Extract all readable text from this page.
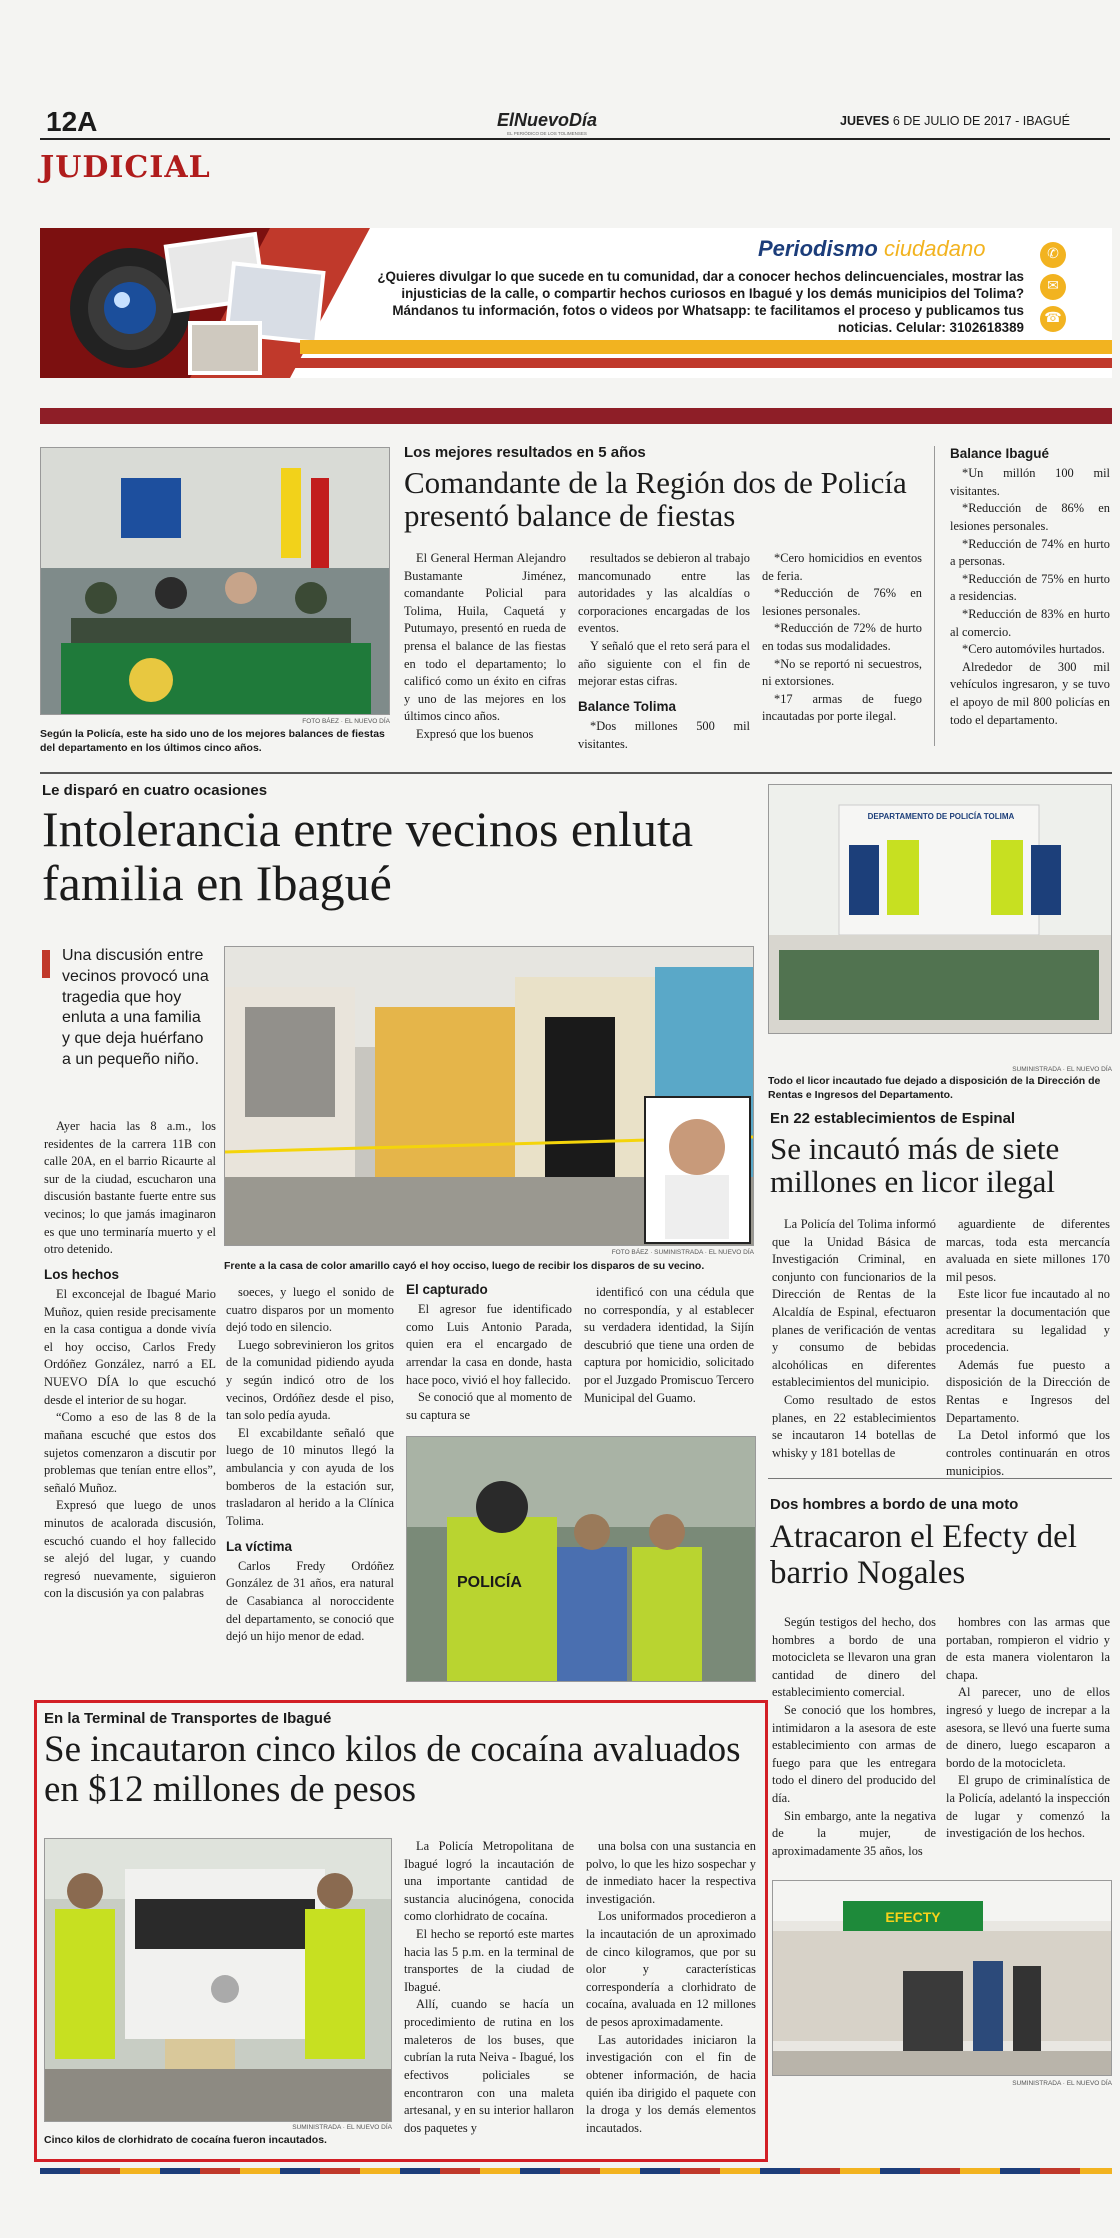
12A	ElNuevoDía
EL PERIÓDICO DE LOS TOLIMENSES
JUEVES 6 DE JULIO DE 2017 - IBAGUÉ
JUDICIAL
Periodismo ciudadano
¿Quieres divulgar lo que sucede en tu comunidad, dar a conocer hechos delincuenciales, mostrar las injusticias de la calle, o compartir hechos curiosos en Ibagué y los demás municipios del Tolima? Mándanos tu información, fotos o videos por Whatsapp: te facilitamos el proceso y publicamos tus noticias. Celular: 3102618389
✆
✉
☎
FOTO BÁEZ · EL NUEVO DÍA
Según la Policía, este ha sido uno de los mejores balances de fiestas del departamento en los últimos cinco años.
Los mejores resultados en 5 años
Comandante de la Región dos de Policía presentó balance de fiestas

El General Herman Alejandro Bustamante Jiménez, comandante Policial para Tolima, Huila, Caquetá y Putumayo, presentó en rueda de prensa el balance de las fiestas en todo el departamento; lo calificó como un éxito en cifras y uno de las mejores en los últimos cinco años.

Expresó que los buenos

resultados se debieron al trabajo mancomunado entre las autoridades y las alcaldías o corporaciones encargadas de los eventos.

Y señaló que el reto será para el año siguiente con el fin de mejorar estas cifras.

Balance Tolima

*Dos millones 500 mil visitantes.

*Cero homicidios en eventos de feria.

*Reducción de 76% en lesiones personales.

*Reducción de 72% de hurto en todas sus modalidades.

*No se reportó ni secuestros, ni extorsiones.

*17 armas de fuego incautadas por porte ilegal.

Balance Ibagué

*Un millón 100 mil visitantes.

*Reducción de 86% en lesiones personales.

*Reducción de 74% en hurto a personas.

*Reducción de 75% en hurto a residencias.

*Reducción de 83% en hurto al comercio.

*Cero automóviles hurtados.

Alrededor de 300 mil vehículos ingresaron, y se tuvo el apoyo de mil 800 policías en todo el departamento.

Le disparó en cuatro ocasiones
Intolerancia entre vecinos enluta familia en Ibagué
Una discusión entre vecinos provocó una tragedia que hoy enluta a una familia y que deja huérfano a un pequeño niño.
FOTO BÁEZ · SUMINISTRADA · EL NUEVO DÍA
Frente a la casa de color amarillo cayó el hoy occiso, luego de recibir los disparos de su vecino.

Ayer hacia las 8 a.m., los residentes de la carrera 11B con calle 20A, en el barrio Ricaurte al sur de la ciudad, escucharon una discusión bastante fuerte entre sus vecinos; lo que jamás imaginaron es que uno terminaría muerto y el otro detenido.

Los hechos

El exconcejal de Ibagué Mario Muñoz, quien reside precisamente en la casa contigua a donde vivía el hoy occiso, Carlos Fredy Ordóñez González, narró a EL NUEVO DÍA lo que escuchó desde el interior de su hogar.

“Como a eso de las 8 de la mañana escuché que estos dos sujetos comenzaron a discutir por problemas que tenían entre ellos”, señaló Muñoz.

Expresó que luego de unos minutos de acalorada discusión, escuchó cuando el hoy fallecido se alejó del lugar, y cuando regresó nuevamente, siguieron con la discusión ya con palabras

soeces, y luego el sonido de cuatro disparos por un momento dejó todo en silencio.

Luego sobrevinieron los gritos de la comunidad pidiendo ayuda y según indicó otro de los vecinos, Ordóñez desde el piso, tan solo pedía ayuda.

El excabildante señaló que luego de 10 minutos llegó la ambulancia y con ayuda de los bomberos de la estación sur, trasladaron al herido a la Clínica Tolima.

La víctima

Carlos Fredy Ordóñez González de 31 años, era natural de Casabianca al noroccidente del departamento, se conoció que dejó un hijo menor de edad.

El capturado

El agresor fue identificado como Luis Antonio Parada, quien era el encargado de arrendar la casa en donde, hasta hace poco, vivió el hoy fallecido.

Se conoció que al momento de su captura se

identificó con una cédula que no correspondía, y al establecer su verdadera identidad, la Sijín descubrió que tiene una orden de captura por homicidio, solicitado por el Juzgado Promiscuo Tercero Municipal del Guamo.

POLICÍA
DEPARTAMENTO DE POLICÍA TOLIMA
SUMINISTRADA · EL NUEVO DÍA
Todo el licor incautado fue dejado a disposición de la Dirección de Rentas e Ingresos del Departamento.
En 22 establecimientos de Espinal
Se incautó más de siete millones en licor ilegal

La Policía del Tolima informó que la Unidad Básica de Investigación Criminal, en conjunto con funcionarios de la Dirección de Rentas de la Alcaldía de Espinal, efectuaron planes de verificación de ventas y consumo de bebidas alcohólicas en diferentes establecimientos del municipio.

Como resultado de estos planes, en 22 establecimientos se incautaron 14 botellas de whisky y 181 botellas de

aguardiente de diferentes marcas, toda esta mercancía avaluada en siete millones 170 mil pesos.

Este licor fue incautado al no presentar la documentación que acreditara su legalidad y procedencia.

Además fue puesto a disposición de la Dirección de Rentas e Ingresos del Departamento.

La Detol informó que los controles continuarán en otros municipios.

Dos hombres a bordo de una moto
Atracaron el Efecty del barrio Nogales

Según testigos del hecho, dos hombres a bordo de una motocicleta se llevaron una gran cantidad de dinero del establecimiento comercial.

Se conoció que los hombres, intimidaron a la asesora de este establecimiento con armas de fuego para que les entregara todo el dinero del producido del día.

Sin embargo, ante la negativa de la mujer, de aproximadamente 35 años, los

hombres con las armas que portaban, rompieron el vidrio y de esta manera violentaron la chapa.

Al parecer, uno de ellos ingresó y luego de increpar a la asesora, se llevó una fuerte suma de dinero, luego escaparon a bordo de la motocicleta.

El grupo de criminalística de la Policía, adelantó la inspección de lugar y comenzó la investigación de los hechos.

EFECTY
SUMINISTRADA · EL NUEVO DÍA
En la Terminal de Transportes de Ibagué
Se incautaron cinco kilos de cocaína avaluados en $12 millones de pesos
SUMINISTRADA · EL NUEVO DÍA
Cinco kilos de clorhidrato de cocaína fueron incautados.

La Policía Metropolitana de Ibagué logró la incautación de una importante cantidad de sustancia alucinógena, conocida como clorhidrato de cocaína.

El hecho se reportó este martes hacia las 5 p.m. en la terminal de transportes de la ciudad de Ibagué.

Allí, cuando se hacía un procedimiento de rutina en los maleteros de los buses, que cubrían la ruta Neiva - Ibagué, los efectivos policiales se encontraron con una maleta artesanal, y en su interior hallaron dos paquetes y

una bolsa con una sustancia en polvo, lo que les hizo sospechar y de inmediato hacer la respectiva investigación.

Los uniformados procedieron a la incautación de un aproximado de cinco kilogramos, que por su olor y características correspondería a clorhidrato de cocaína, avaluada en 12 millones de pesos aproximadamente.

Las autoridades iniciaron la investigación con el fin de obtener información, de hacia quién iba dirigido el paquete con la droga y los demás elementos incautados.
